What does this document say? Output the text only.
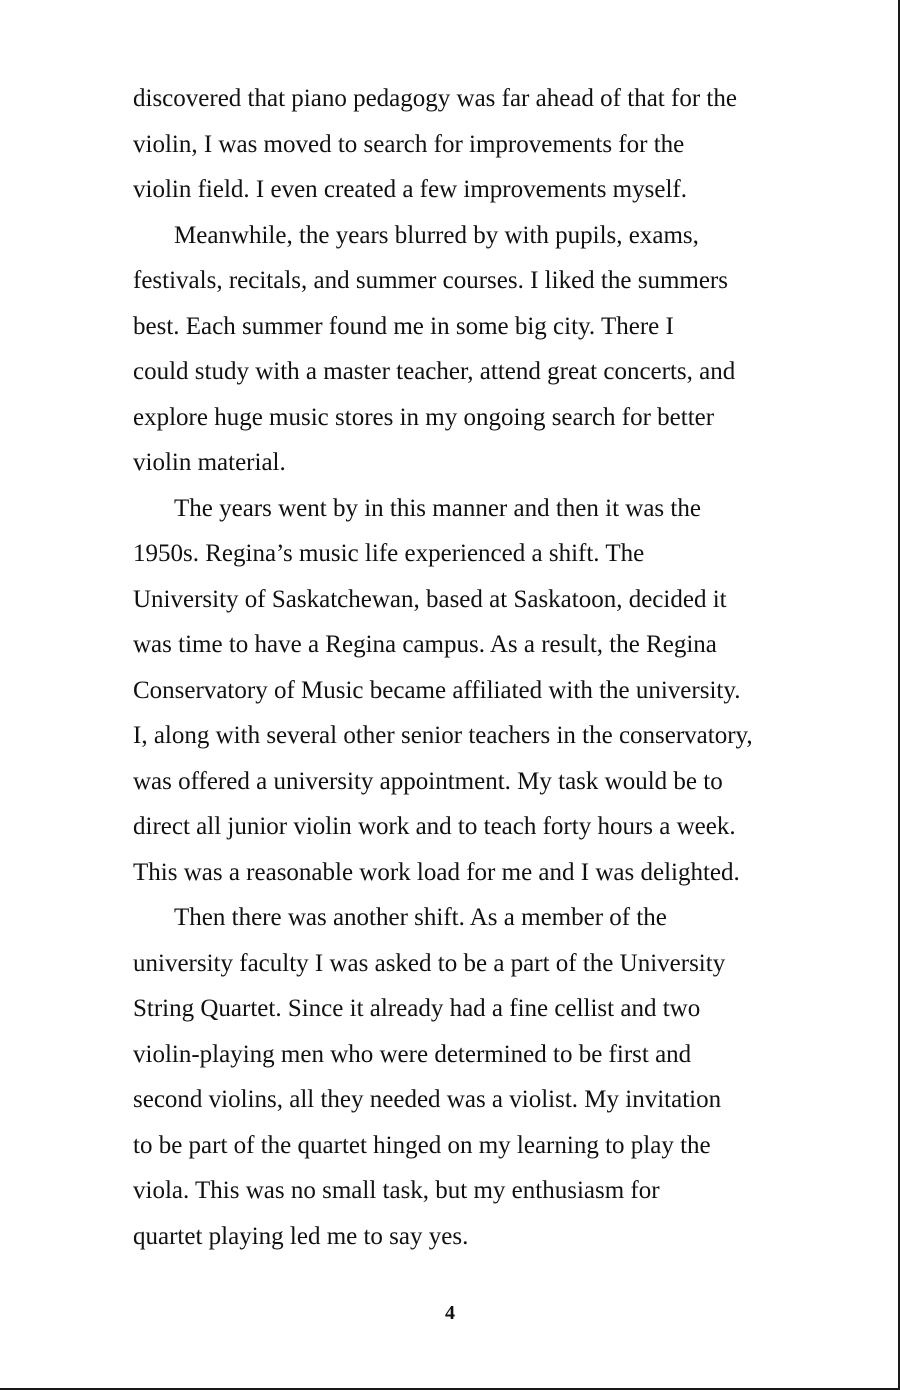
discovered that piano pedagogy was far ahead of that for the
violin, I was moved to search for improvements for the
violin field. I even created a few improvements myself.
Meanwhile, the years blurred by with pupils, exams,
festivals, recitals, and summer courses. I liked the summers
best. Each summer found me in some big city. There I
could study with a master teacher, attend great concerts, and
explore huge music stores in my ongoing search for better
violin material.
The years went by in this manner and then it was the
1950s. Regina’s music life experienced a shift. The
University of Saskatchewan, based at Saskatoon, decided it
was time to have a Regina campus. As a result, the Regina
Conservatory of Music became affiliated with the university.
I, along with several other senior teachers in the conservatory,
was offered a university appointment. My task would be to
direct all junior violin work and to teach forty hours a week.
This was a reasonable work load for me and I was delighted.
Then there was another shift. As a member of the
university faculty I was asked to be a part of the University
String Quartet. Since it already had a fine cellist and two
violin-playing men who were determined to be first and
second violins, all they needed was a violist. My invitation
to be part of the quartet hinged on my learning to play the
viola. This was no small task, but my enthusiasm for
quartet playing led me to say yes.
4
